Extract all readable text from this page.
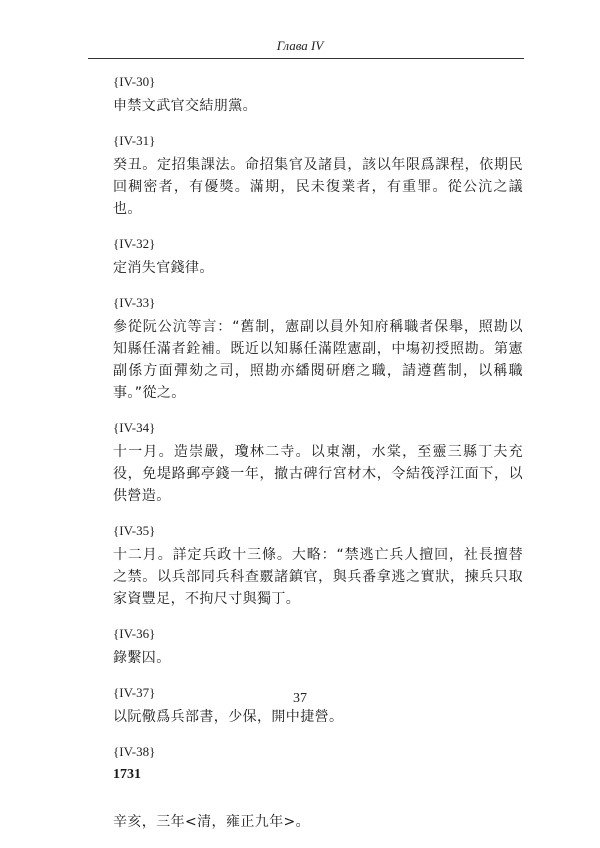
Глава IV
{IV-30}
申禁文武官交結朋黨。
{IV-31}
癸丑。定招集課法。命招集官及諸員，該以年限爲課程，依期民回稠密者，有優獎。滿期，民未復業者，有重罪。從公沆之議也。
{IV-32}
定消失官錢律。
{IV-33}
參從阮公沆等言：“舊制，憲副以員外知府稱職者保舉，照勘以知縣任滿者銓補。既近以知縣任滿陞憲副，中塲初授照勘。第憲副係方面彈劾之司，照勘亦繙閱研磨之職，請遵舊制，以稱職事。”從之。
{IV-34}
十一月。造崇嚴，瓊林二寺。以東潮，水棠，至靈三縣丁夫充役，免堤路郵亭錢一年，撤古碑行宮材木，令結筏浮江面下，以供營造。
{IV-35}
十二月。詳定兵政十三條。大略：“禁逃亡兵人擅回，社長擅替之禁。以兵部同兵科查覈諸鎮官，與兵番拿逃之實狀，揀兵只取家資豐足，不拘尺寸與獨丁。
{IV-36}
錄繫囚。
{IV-37}
以阮儆爲兵部書，少保，開中捷營。
{IV-38}
1731
辛亥，三年<清，雍正九年>。
37
